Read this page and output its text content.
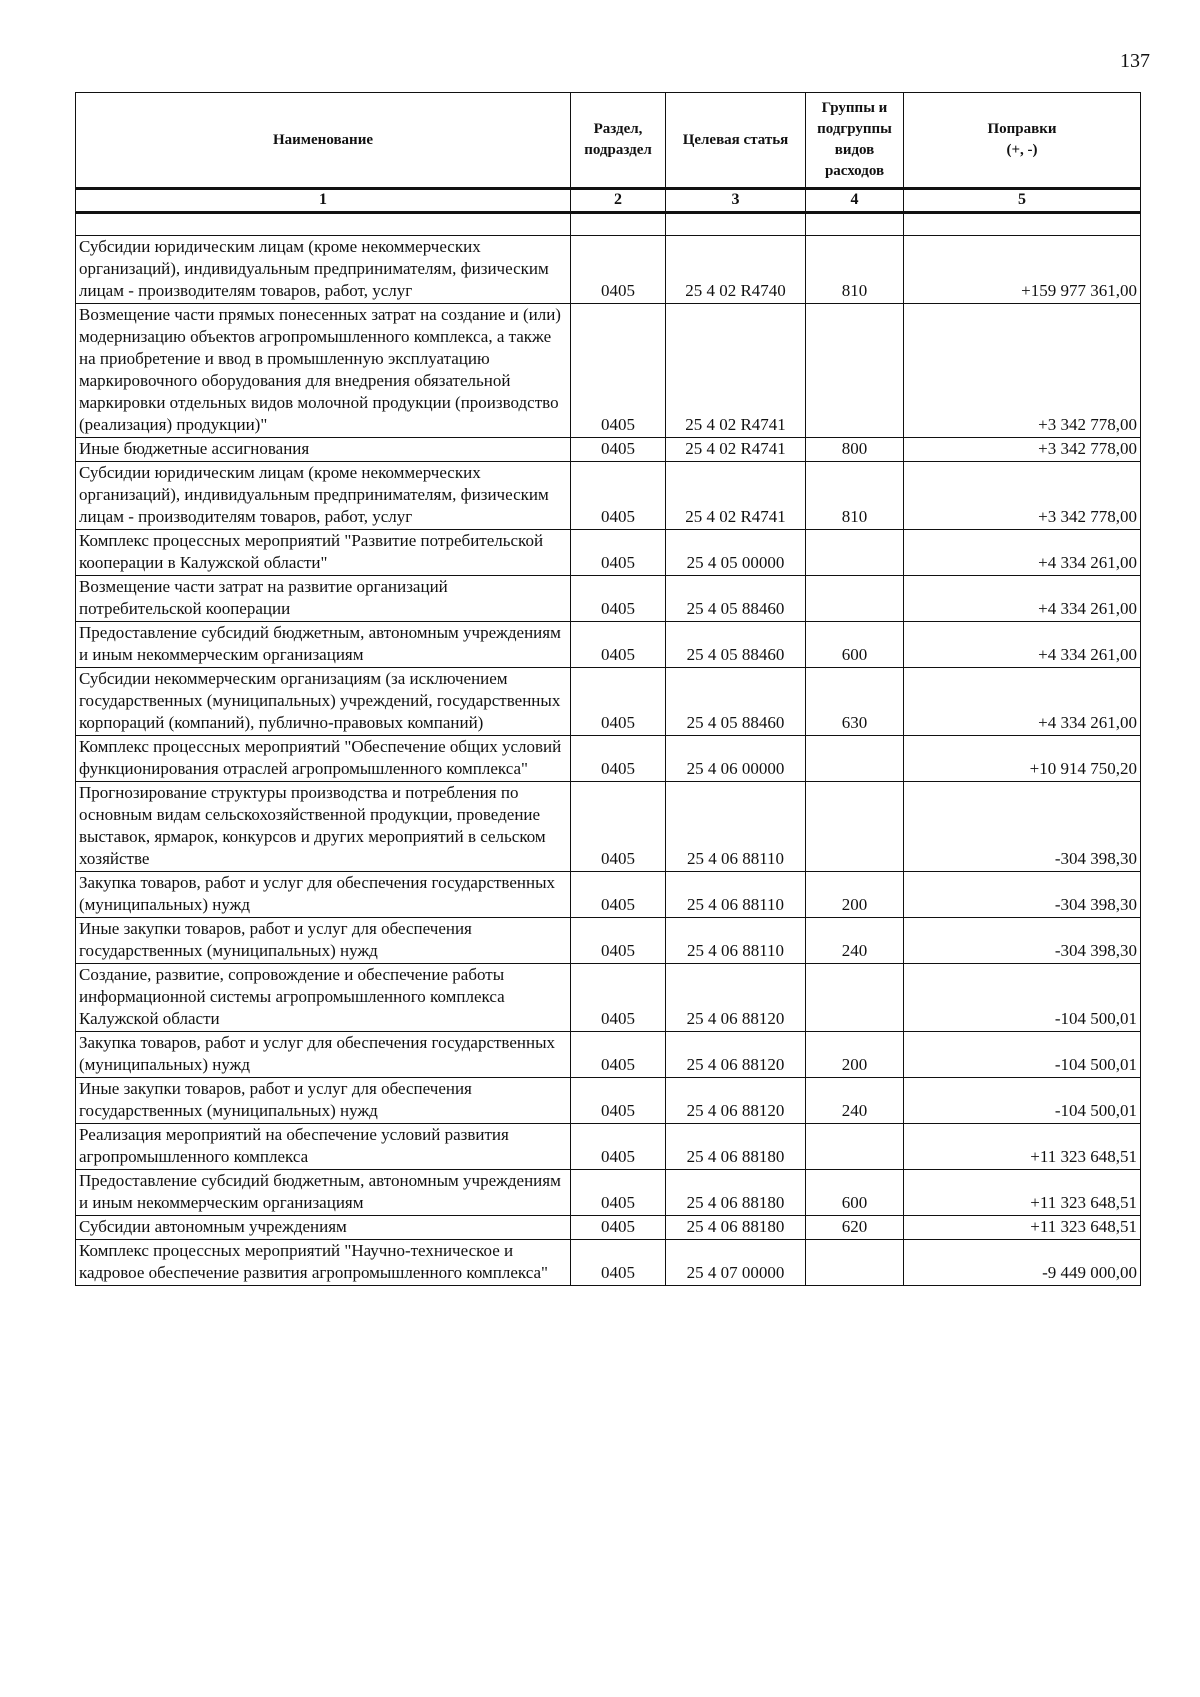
137
Наименование	Раздел, подраздел	Целевая статья	Группы и подгруппы видов расходов	Поправки
(+, -)
1	2	3	4	5

Субсидии юридическим лицам (кроме некоммерческих организаций), индивидуальным предпринимателям, физическим лицам - производителям товаров, работ, услуг	0405	25 4 02 R4740	810	+159 977 361,00
Возмещение части прямых понесенных затрат на создание и (или) модернизацию объектов агропромышленного комплекса, а также на приобретение и ввод в промышленную эксплуатацию маркировочного оборудования для внедрения обязательной маркировки отдельных видов молочной продукции (производство (реализация) продукции)"	0405	25 4 02 R4741		+3 342 778,00
Иные бюджетные ассигнования	0405	25 4 02 R4741	800	+3 342 778,00
Субсидии юридическим лицам (кроме некоммерческих организаций), индивидуальным предпринимателям, физическим лицам - производителям товаров, работ, услуг	0405	25 4 02 R4741	810	+3 342 778,00
Комплекс процессных мероприятий "Развитие потребительской кооперации в Калужской области"	0405	25 4 05 00000		+4 334 261,00
Возмещение части затрат на развитие организаций потребительской кооперации	0405	25 4 05 88460		+4 334 261,00
Предоставление субсидий бюджетным, автономным учреждениям и иным некоммерческим организациям	0405	25 4 05 88460	600	+4 334 261,00
Субсидии некоммерческим организациям (за исключением государственных (муниципальных) учреждений, государственных корпораций (компаний), публично-правовых компаний)	0405	25 4 05 88460	630	+4 334 261,00
Комплекс процессных мероприятий "Обеспечение общих условий функционирования отраслей агропромышленного комплекса"	0405	25 4 06 00000		+10 914 750,20
Прогнозирование структуры производства и потребления по основным видам сельскохозяйственной продукции, проведение выставок, ярмарок, конкурсов и других мероприятий в сельском хозяйстве	0405	25 4 06 88110		-304 398,30
Закупка товаров, работ и услуг для обеспечения государственных (муниципальных) нужд	0405	25 4 06 88110	200	-304 398,30
Иные закупки товаров, работ и услуг для обеспечения государственных (муниципальных) нужд	0405	25 4 06 88110	240	-304 398,30
Создание, развитие, сопровождение и обеспечение работы информационной системы агропромышленного комплекса Калужской области	0405	25 4 06 88120		-104 500,01
Закупка товаров, работ и услуг для обеспечения государственных (муниципальных) нужд	0405	25 4 06 88120	200	-104 500,01
Иные закупки товаров, работ и услуг для обеспечения государственных (муниципальных) нужд	0405	25 4 06 88120	240	-104 500,01
Реализация мероприятий на обеспечение условий развития агропромышленного комплекса	0405	25 4 06 88180		+11 323 648,51
Предоставление субсидий бюджетным, автономным учреждениям и иным некоммерческим организациям	0405	25 4 06 88180	600	+11 323 648,51
Субсидии автономным учреждениям	0405	25 4 06 88180	620	+11 323 648,51
Комплекс процессных мероприятий "Научно-техническое и кадровое обеспечение развития агропромышленного комплекса"	0405	25 4 07 00000		-9 449 000,00
